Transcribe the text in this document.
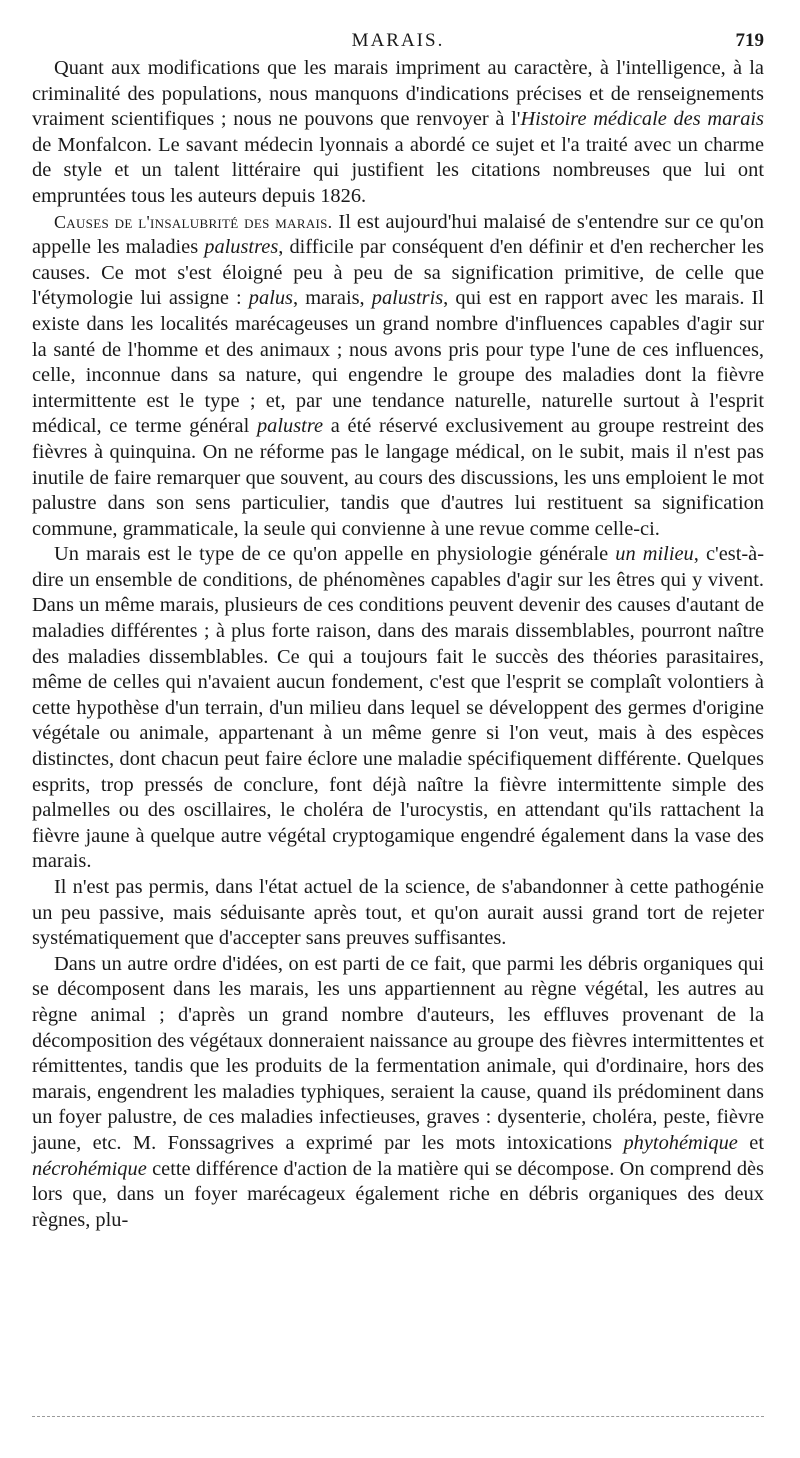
MARAIS.	719

Quant aux modifications que les marais impriment au caractère, à l'intelligence, à la criminalité des populations, nous manquons d'indications précises et de renseignements vraiment scientifiques ; nous ne pouvons que renvoyer à l'Histoire médicale des marais de Monfalcon. Le savant médecin lyonnais a abordé ce sujet et l'a traité avec un charme de style et un talent littéraire qui justifient les citations nombreuses que lui ont empruntées tous les auteurs depuis 1826.

Causes de l'insalubrité des marais. Il est aujourd'hui malaisé de s'entendre sur ce qu'on appelle les maladies palustres, difficile par conséquent d'en définir et d'en rechercher les causes. Ce mot s'est éloigné peu à peu de sa signification primitive, de celle que l'étymologie lui assigne : palus, marais, palustris, qui est en rapport avec les marais. Il existe dans les localités marécageuses un grand nombre d'influences capables d'agir sur la santé de l'homme et des animaux ; nous avons pris pour type l'une de ces influences, celle, inconnue dans sa nature, qui engendre le groupe des maladies dont la fièvre intermittente est le type ; et, par une tendance naturelle, naturelle surtout à l'esprit médical, ce terme général palustre a été réservé exclusivement au groupe restreint des fièvres à quinquina. On ne réforme pas le langage médical, on le subit, mais il n'est pas inutile de faire remarquer que souvent, au cours des discussions, les uns emploient le mot palustre dans son sens particulier, tandis que d'autres lui restituent sa signification commune, grammaticale, la seule qui convienne à une revue comme celle-ci.

Un marais est le type de ce qu'on appelle en physiologie générale un milieu, c'est-à-dire un ensemble de conditions, de phénomènes capables d'agir sur les êtres qui y vivent. Dans un même marais, plusieurs de ces conditions peuvent devenir des causes d'autant de maladies différentes ; à plus forte raison, dans des marais dissemblables, pourront naître des maladies dissemblables. Ce qui a toujours fait le succès des théories parasitaires, même de celles qui n'avaient aucun fondement, c'est que l'esprit se complaît volontiers à cette hypothèse d'un terrain, d'un milieu dans lequel se développent des germes d'origine végétale ou animale, appartenant à un même genre si l'on veut, mais à des espèces distinctes, dont chacun peut faire éclore une maladie spécifiquement différente. Quelques esprits, trop pressés de conclure, font déjà naître la fièvre intermittente simple des palmelles ou des oscillaires, le choléra de l'urocystis, en attendant qu'ils rattachent la fièvre jaune à quelque autre végétal cryptogamique engendré également dans la vase des marais.

Il n'est pas permis, dans l'état actuel de la science, de s'abandonner à cette pathogénie un peu passive, mais séduisante après tout, et qu'on aurait aussi grand tort de rejeter systématiquement que d'accepter sans preuves suffisantes.

Dans un autre ordre d'idées, on est parti de ce fait, que parmi les débris organiques qui se décomposent dans les marais, les uns appartiennent au règne végétal, les autres au règne animal ; d'après un grand nombre d'auteurs, les effluves provenant de la décomposition des végétaux donneraient naissance au groupe des fièvres intermittentes et rémittentes, tandis que les produits de la fermentation animale, qui d'ordinaire, hors des marais, engendrent les maladies typhiques, seraient la cause, quand ils prédominent dans un foyer palustre, de ces maladies infectieuses, graves : dysenterie, choléra, peste, fièvre jaune, etc. M. Fonssagrives a exprimé par les mots intoxications phytohémique et nécrohémique cette différence d'action de la matière qui se décompose. On comprend dès lors que, dans un foyer marécageux également riche en débris organiques des deux règnes, plu-
